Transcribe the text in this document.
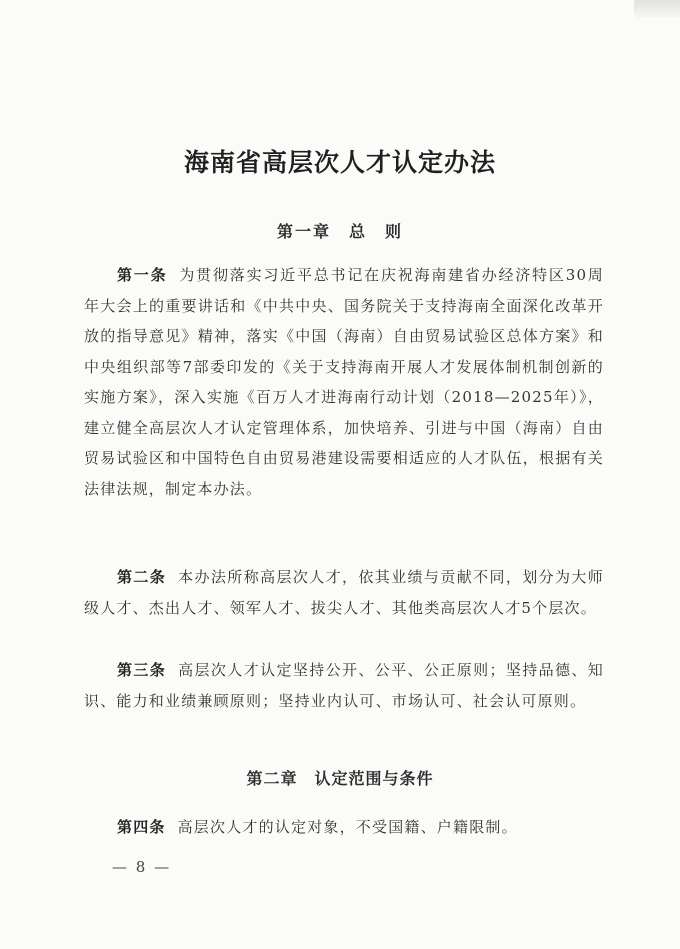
海南省高层次人才认定办法
第一章　总　则

第一条 为贯彻落实习近平总书记在庆祝海南建省办经济特区30周年大会上的重要讲话和《中共中央、国务院关于支持海南全面深化改革开放的指导意见》精神，落实《中国（海南）自由贸易试验区总体方案》和中央组织部等7部委印发的《关于支持海南开展人才发展体制机制创新的实施方案》，深入实施《百万人才进海南行动计划（2018—2025年）》，建立健全高层次人才认定管理体系，加快培养、引进与中国（海南）自由贸易试验区和中国特色自由贸易港建设需要相适应的人才队伍，根据有关法律法规，制定本办法。

第二条 本办法所称高层次人才，依其业绩与贡献不同，划分为大师级人才、杰出人才、领军人才、拔尖人才、其他类高层次人才5个层次。

第三条 高层次人才认定坚持公开、公平、公正原则；坚持品德、知识、能力和业绩兼顾原则；坚持业内认可、市场认可、社会认可原则。

第二章　认定范围与条件

第四条 高层次人才的认定对象，不受国籍、户籍限制。

— 8 —
